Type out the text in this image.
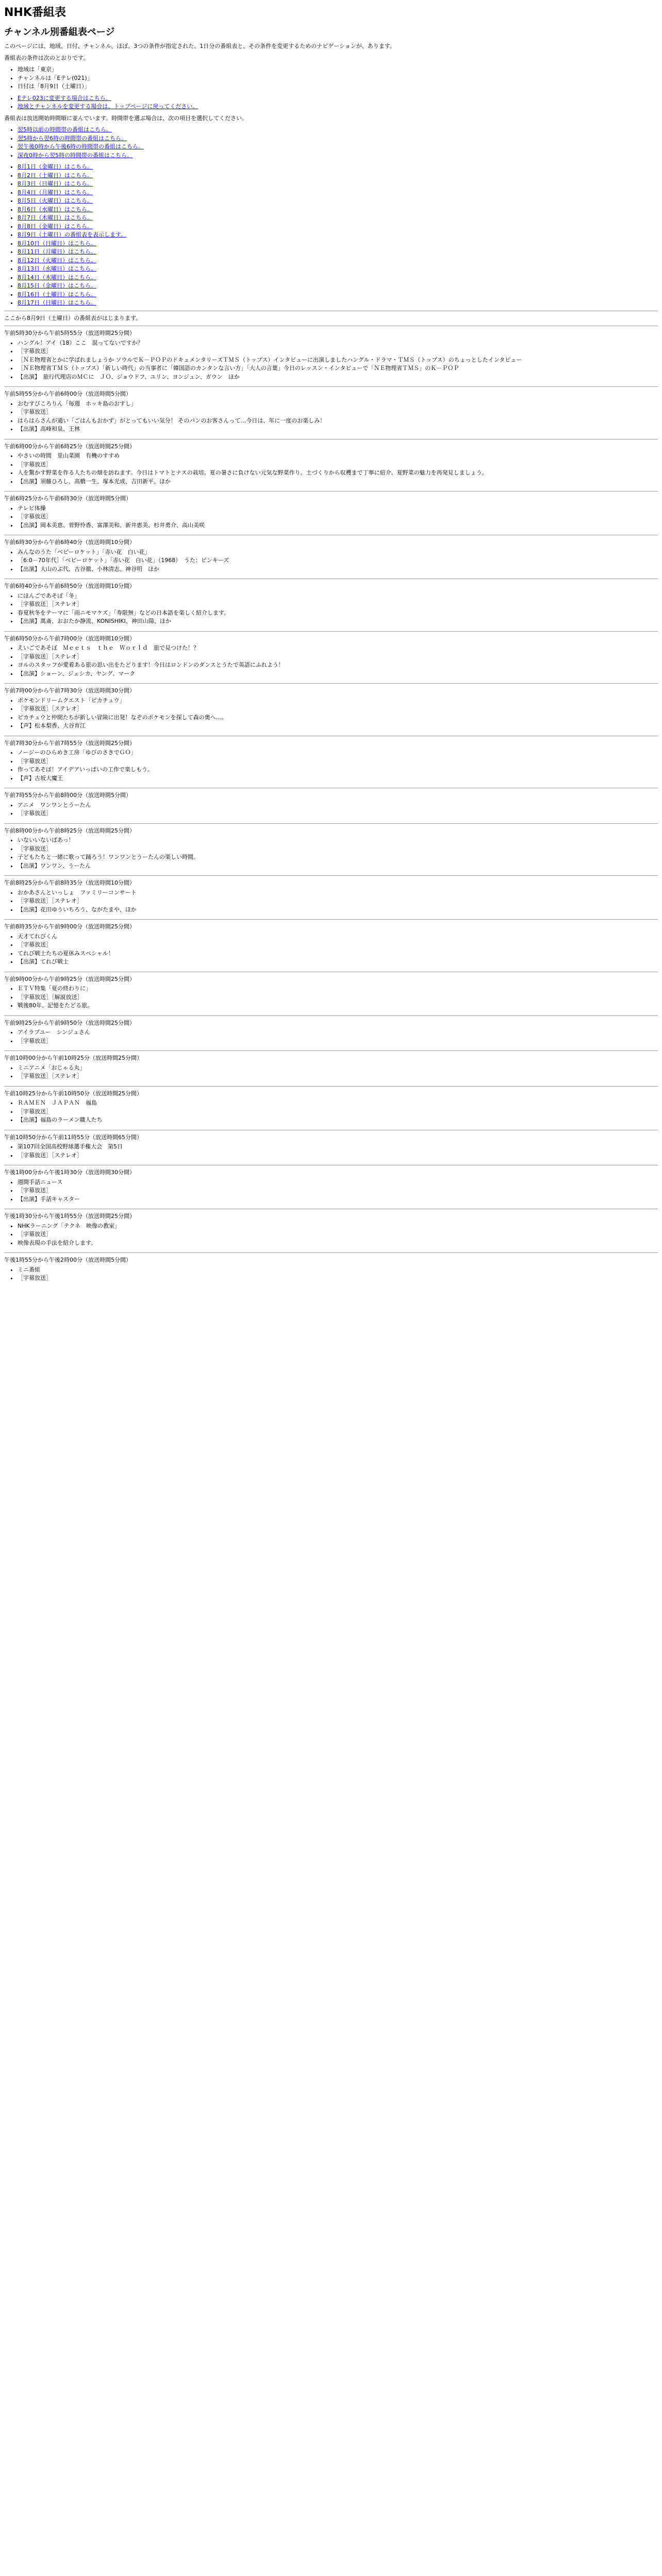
NHK番組表
チャンネル別番組表ページ

このページには、地域、日付、チャンネル、ほぼ、3つの条件が指定された、1日分の番組表と、その条件を変更するためのナビゲーションが、あります。

番組表の条件は次のとおりです。

• 地域は「東京」
• チャンネルは「Eテレ(021)」
• 日付は「8月9日（土曜日）」
• Eテレ023に変更する場合はこちら。
• 地域とチャンネルを変更する場合は、トップページに戻ってください。

番組表は放送開始時間順に並んでいます。時間帯を選ぶ場合は、次の項目を選択してください。

• 翌5時以前の時間帯の番組はこちら。
• 翌5時から翌6時の時間帯の番組はこちら。
• 翌午後0時から午後6時の時間帯の番組はこちら。
• 深夜0時から翌5時の時間帯の番組はこちら。
• 8月1日（金曜日）はこちら。
• 8月2日（土曜日）はこちら。
• 8月3日（日曜日）はこちら。
• 8月4日（月曜日）はこちら。
• 8月5日（火曜日）はこちら。
• 8月6日（水曜日）はこちら。
• 8月7日（木曜日）はこちら。
• 8月8日（金曜日）はこちら。
• 8月9日（土曜日）の番組表を表示します。
• 8月10日（日曜日）はこちら。
• 8月11日（月曜日）はこちら。
• 8月12日（火曜日）はこちら。
• 8月13日（水曜日）はこちら。
• 8月14日（木曜日）はこちら。
• 8月15日（金曜日）はこちら。
• 8月16日（土曜日）はこちら。
• 8月17日（日曜日）はこちら。

ここから8月9日（土曜日）の番組表がはじまります。

午前5時30分から午前5時55分（放送時間25分間）
• ハングル！アイ（18）ここ　混ってないですか？
• ［字幕放送］
• ［ＮＥ物理省とかに学ばれましょうか ソウルでＫ－ＰＯＰのドキュメンタリーズＴＭＳ（トップス）インタビューに出演しましたハングル・ドラマ・ＴＭＳ（トップス）のちょっとしたインタビュー
• ［ＮＥ物理省ＴＭＳ（トップス）「新しい時代」の当事者に「韓国語のカンタンな言い方」「大人の言葉」今日のレッスン・インタビューで「ＮＥ物理省ＴＭＳ」のＫ－ＰＯＰ
• 【出演】　旅行代理店のＭＣに　ＪＯ、ジョウドフ、ユリン、ヨンジュン、ガウン　ほか
午前5時55分から午前6時00分（放送時間5分間）
• おむすびころりん「毎週　ホッキ島のおすし」
• ［字幕放送］
• はらはらさんが通い「ごはんもおかず」がとってもいい気分！ そのパンのお客さんって…今日は、年に一度のお楽しみ！
• 【出演】高峰和泉、王林
午前6時00分から午前6時25分（放送時間25分間）
• やさいの時間　里山菜園　有機のすすめ
• ［字幕放送］
• 人を驚かす野菜を作る人たちの畑を訪ねます。今日はトマトとナスの栽培。夏の暑さに負けない元気な野菜作り。土づくりから収穫まで丁寧に紹介。夏野菜の魅力を再発見しましょう。
• 【出演】須藤ひろし、高橋一生、塚本光成、吉田新平、ほか
午前6時25分から午前6時30分（放送時間5分間）
• テレビ体操
• ［字幕放送］
• 【出演】岡本美恵、菅野怜香、富澤美和、新井恵美、杉井勇介、高山美咲
午前6時30分から午前6時40分（放送時間10分間）
• みんなのうた「ベビーロケット」「赤い花　白い花」
• ［6:0－70年代］「ベビーロケット」「赤い花　白い花」（1968）　うた：ピンキーズ
• 【出演】大山のぶ代、古谷徹、小林清志、神谷明　ほか
午前6時40分から午前6時50分（放送時間10分間）
• にほんごであそぼ「冬」
• ［字幕放送］［ステレオ］
• 春夏秋冬をテーマに「雨ニモマケズ」「寿限無」などの日本語を楽しく紹介します。
• 【出演】萬斎、おおたか静流、KONISHIKI、神田山陽、ほか
午前6時50分から午前7時00分（放送時間10分間）
• えいごであそぼ　Ｍｅｅｔｓ　ｔｈｅ　Ｗｏｒｌｄ　旅で見つけた！？
• ［字幕放送］［ステレオ］
• ヨルのスタッフが愛着ある旅の思い出をたどります！今日はロンドンのダンスとうたで英語にふれよう！
• 【出演】ショーン、ジェシカ、ヤング、マーク
午前7時00分から午前7時30分（放送時間30分間）
• ポケモンドリームクエスト「ピカチュウ」
• ［字幕放送］［ステレオ］
• ピカチュウと仲間たちが新しい冒険に出発！なぞのポケモンを探して森の奥へ…。
• 【声】松本梨香、大谷育江
午前7時30分から午前7時55分（放送時間25分間）
• ノージーのひらめき工房「ゆびのさきでＧＯ」
• ［字幕放送］
• 作ってあそぼ！アイデアいっぱいの工作で楽しもう。
• 【声】古坂大魔王
午前7時55分から午前8時00分（放送時間5分間）
• アニメ　ワンワンとうーたん
• ［字幕放送］
午前8時00分から午前8時25分（放送時間25分間）
• いないいないばあっ！
• ［字幕放送］
• 子どもたちと一緒に歌って踊ろう！ワンワンとうーたんの楽しい時間。
• 【出演】ワンワン、うーたん
午前8時25分から午前8時35分（放送時間10分間）
• おかあさんといっしょ　ファミリーコンサート
• ［字幕放送］［ステレオ］
• 【出演】花田ゆういちろう、ながたまや、ほか
午前8時35分から午前9時00分（放送時間25分間）
• 天才てれびくん
• ［字幕放送］
• てれび戦士たちの夏休みスペシャル！
• 【出演】てれび戦士
午前9時00分から午前9時25分（放送時間25分間）
• ＥＴＶ特集「夏の終わりに」
• ［字幕放送］［解説放送］
• 戦後80年、記憶をたどる旅。
午前9時25分から午前9時50分（放送時間25分間）
• アイラブユー　シンジュさん
• ［字幕放送］
午前10時00分から午前10時25分（放送時間25分間）
• ミニアニメ「おじゃる丸」
• ［字幕放送］［ステレオ］
午前10時25分から午前10時50分（放送時間25分間）
• ＲＡＭＥＮ　ＪＡＰＡＮ　福島
• ［字幕放送］
• 【出演】福島のラーメン職人たち
午前10時50分から午前11時55分（放送時間65分間）
• 第107回全国高校野球選手権大会　第5日
• ［字幕放送］［ステレオ］
午後1時00分から午後1時30分（放送時間30分間）
• 週間手話ニュース
• ［字幕放送］
• 【出演】手話キャスター
午後1時30分から午後1時55分（放送時間25分間）
• NHKラーニング「テクネ　映像の教室」
• ［字幕放送］
• 映像表現の手法を紹介します。
午後1時55分から午後2時00分（放送時間5分間）
• ミニ番組
• ［字幕放送］
